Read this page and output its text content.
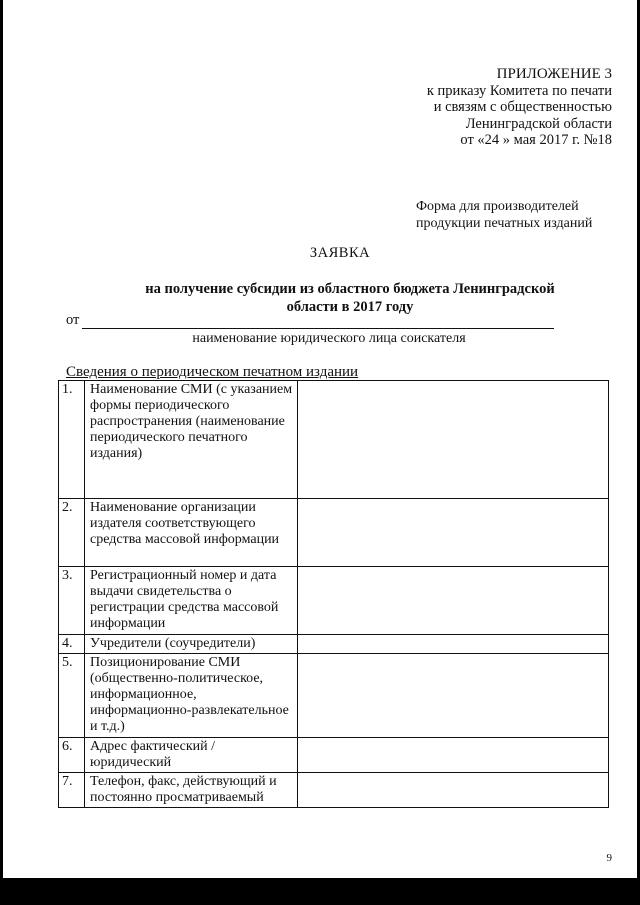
ПРИЛОЖЕНИЕ 3
к приказу Комитета по печати
и связям с общественностью
Ленинградской области
от «24 » мая 2017 г. №18
Форма для производителей
продукции печатных изданий
ЗАЯВКА
на получение субсидии из областного бюджета Ленинградской области в 2017 году
от
наименование юридического лица соискателя
Сведения о периодическом печатном издании
1.	Наименование СМИ (с указанием формы периодического распространения (наименование периодического печатного издания)	
2.	Наименование организации издателя соответствующего средства массовой информации	
3.	Регистрационный номер и дата выдачи свидетельства о регистрации средства массовой информации	
4.	Учредители (соучредители)	
5.	Позиционирование СМИ (общественно-политическое, информационное, информационно-развлекательное и т.д.)	
6.	Адрес фактический /юридический	
7.	Телефон, факс, действующий и постоянно просматриваемый	
9
